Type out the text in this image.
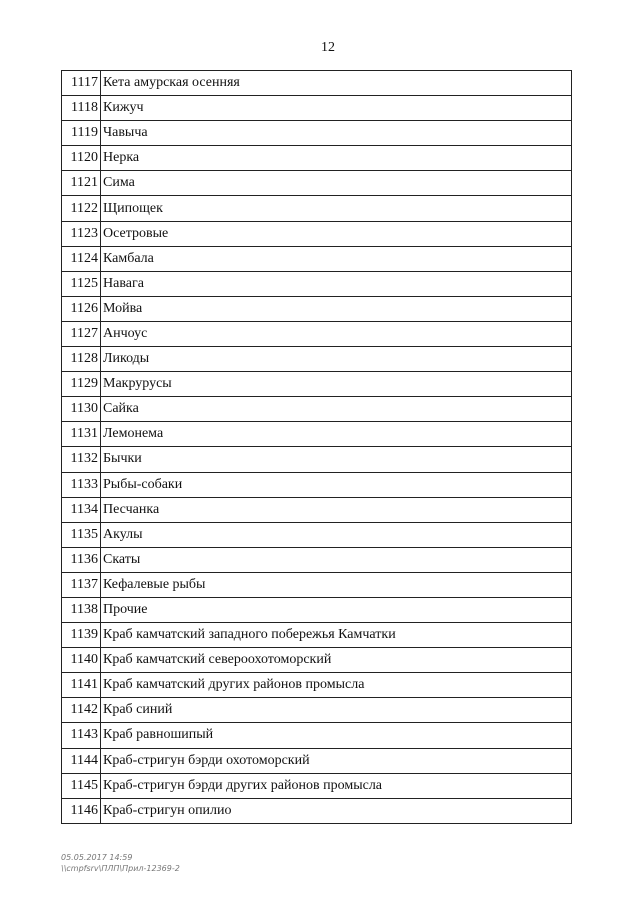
12
1117	Кета амурская осенняя
1118	Кижуч
1119	Чавыча
1120	Нерка
1121	Сима
1122	Щипощек
1123	Осетровые
1124	Камбала
1125	Навага
1126	Мойва
1127	Анчоус
1128	Ликоды
1129	Макрурусы
1130	Сайка
1131	Лемонема
1132	Бычки
1133	Рыбы-собаки
1134	Песчанка
1135	Акулы
1136	Скаты
1137	Кефалевые рыбы
1138	Прочие
1139	Краб камчатский западного побережья Камчатки
1140	Краб камчатский североохотоморский
1141	Краб камчатский других районов промысла
1142	Краб синий
1143	Краб равношипый
1144	Краб-стригун бэрди охотоморский
1145	Краб-стригун бэрди других районов промысла
1146	Краб-стригун опилио
05.05.2017 14:59
\\cmpfsrv\ПЛП\Прил-12369-2
